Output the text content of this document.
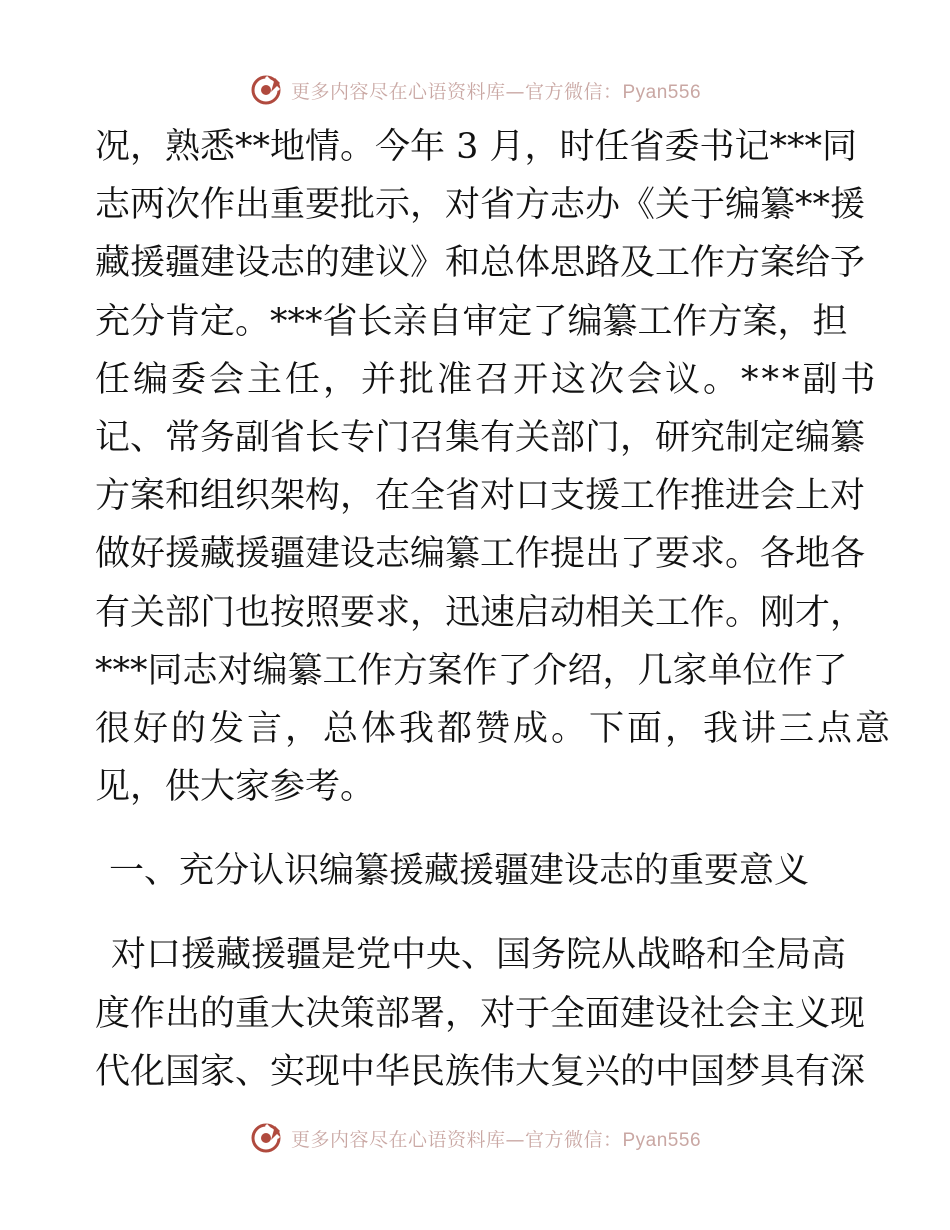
更多内容尽在心语资料库—官方微信：Pyan556
况，熟悉**地情。今年 3 月，时任省委书记***同
志两次作出重要批示，对省方志办《关于编纂**援
藏援疆建设志的建议》和总体思路及工作方案给予
充分肯定。***省长亲自审定了编纂工作方案，担
任编委会主任，并批准召开这次会议。***副书
记、常务副省长专门召集有关部门，研究制定编纂
方案和组织架构，在全省对口支援工作推进会上对
做好援藏援疆建设志编纂工作提出了要求。各地各
有关部门也按照要求，迅速启动相关工作。刚才，
***同志对编纂工作方案作了介绍，几家单位作了
很好的发言，总体我都赞成。下面，我讲三点意
见，供大家参考。
一、充分认识编纂援藏援疆建设志的重要意义
对口援藏援疆是党中央、国务院从战略和全局高
度作出的重大决策部署，对于全面建设社会主义现
代化国家、实现中华民族伟大复兴的中国梦具有深
更多内容尽在心语资料库—官方微信：Pyan556
